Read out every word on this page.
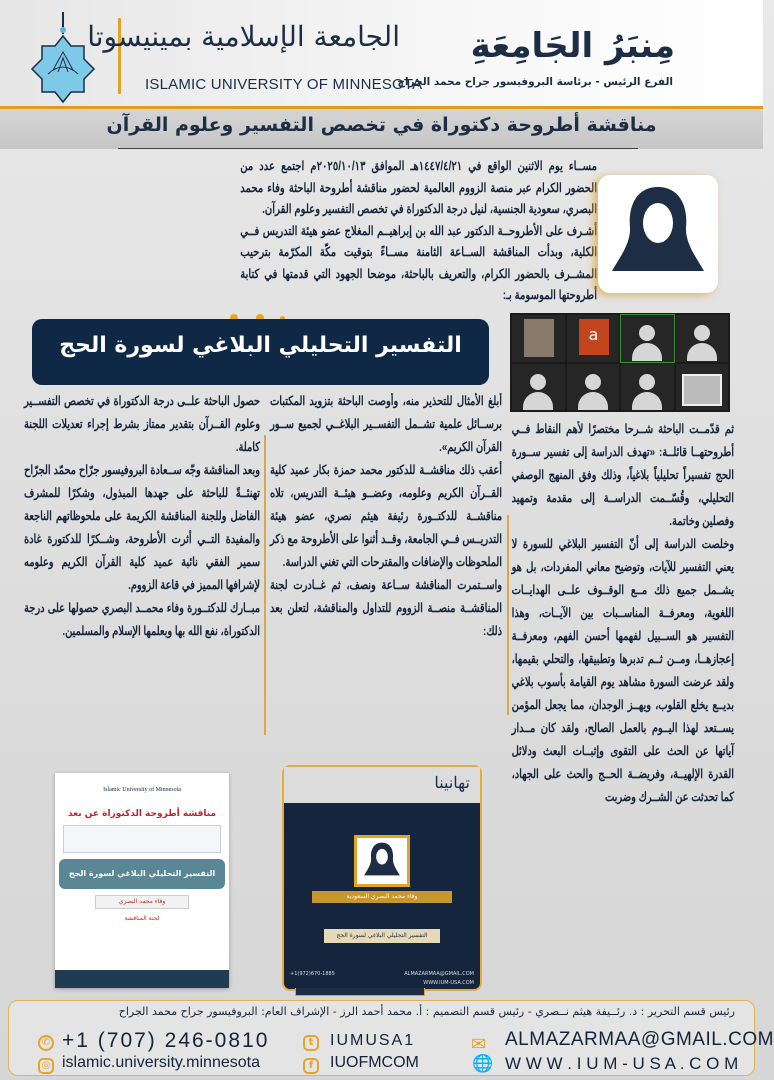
الجامعة الإسلامية بمينيسوتا
ISLAMIC UNIVERSITY OF MINNESOTA
مِنبَرُ الجَامِعَةِ
الفرع الرئيس - برئاسة البروفيسور جراح محمد الجراح
مناقشة أطروحة دكتوراة في تخصص التفسير وعلوم القرآن

مســاء يوم الاثنين الواقع في ١٤٤٧/٤/٢١هـ الموافق ٢٠٢٥/١٠/١٣م اجتمع عدد من الحضور الكرام عبر منصة الزووم العالمية لحضور مناقشة أطروحة الباحثة وفاء محمد البصري، سعودية الجنسية، لنيل درجة الدكتوراة في تخصص التفسير وعلوم القرآن.

أشـرف على الأطروحــة الدكتور عبد الله بن إبراهيــم المغلاج عضو هيئة التدريس فــي الكلية، وبدأت المناقشة الســاعة الثامنة مســاءً بتوقيت مكّة المكرّمة بترحيب المشــرف بالحضور الكرام، والتعريف بالباحثة، موضحا الجهود التي قدمتها في كتابة أطروحتها الموسومة بـ:

التفسير التحليلي البلاغي لسورة الحج	a

ثم قدّمــت الباحثة شــرحا مختصرًا لأهم النقاط فــي أطروحتهــا قائلــة: «تهدف الدراسة إلى تفسير ســورة الحج تفسيراً تحليلياً بلاغياً، وذلك وفق المنهج الوصفي التحليلي، وقُسّــمت الدراســة إلى مقدمة وتمهيد وفصلين وخاتمة.

وخلصت الدراسة إلى أنّ التفسير البلاغي للسورة لا يعني التفسير للآيات، وتوضيح معاني المفردات، بل هو يشــمل جميع ذلك مــع الوقــوف علــى الهدايــات اللغوية، ومعرفــة المناســبات بين الآيــات، وهذا التفسير هو الســبيل لفهمها أحسن الفهم، ومعرفــة إعجازهــا، ومــن ثــم تدبرها وتطبيقها، والتحلي بقيمها، ولقد عرضت السورة مشاهد يوم القيامة بأسوب بلاغي بديــع يخلع القلوب، ويهــز الوجدان، مما يجعل المؤمن يســتعد لهذا اليــوم بالعمل الصالح، ولقد كان مــدار آياتها عن الحث على التقوى وإثبــات البعث ودلائل القدرة الإلهيــة، وفريضــة الحــج والحث على الجهاد، كما تحدثت عن الشــرك وضربت

أبلغ الأمثال للتحذير منه، وأوصت الباحثة بتزويد المكتبات برســائل علمية تشــمل التفســير البلاغــي لجميع ســور القرآن الكريم».

أعقب ذلك مناقشــة للدكتور محمد حمزة بكار عميد كلية القــرآن الكريم وعلومه، وعضــو هيئــة التدريس، تلاه مناقشــة للدكتــورة رئيفة هيثم نصري، عضو هيئة التدريــس فــي الجامعة، وقــد أثنوا على الأطروحة مع ذكر الملحوظات والإضافات والمقترحات التي تغني الدراسة.

واســتمرت المناقشة ســاعة ونصف، ثم غــادرت لجنة المناقشــة منصــة الزووم للتداول والمناقشة، لتعلن بعد ذلك:

حصول الباحثة علــى درجة الدكتوراة في تخصص التفســير وعلوم القــرآن بتقدير ممتاز بشرط إجراء تعديلات اللجنة كاملة.

وبعد المناقشة وجّه ســعادة البروفيسور جرّاح محمّد الجرّاح تهنئــةً للباحثة على جهدها المبذول، وشكرًا للمشرف الفاضل وللجنة المناقشة الكريمة على ملحوظاتهم الناجعة والمفيدة التــي أثرت الأطروحة، وشــكرًا للدكتورة غادة سمير الفقي نائبة عميد كلية القرآن الكريم وعلومه لإشرافها المميز في قاعة الزووم.

مبــارك للدكتــورة وفاء محمــد البصري حصولها على درجة الدكتوراة، نفع الله بها وبعلمها الإسلام والمسلمين.

Islamic University of Minnesota
مناقشة أطروحة الدكتوراة عن بعد
التفسير التحليلي البلاغي لسورة الحج
وفاء محمد البصري
لجنة المناقشة
تهانينا
وفاء محمد البصري السعودية
التفسير التحليلي البلاغي لسورة الحج
+1(972)670-1885	ALMAZARMAA@GMAIL.COM
WWW.IUM-USA.COM
رئيس قسم التحرير : د. رئــيفة هيثم نــصري - رئيس قسم التصميم : أ. محمد أحمد الرز - الإشراف العام: البروفيسور جراح محمد الجراح
✆ +1 (707) 246-0810
◎ islamic.university.minnesota
t	IUMUSA1
f	IUOFMCOM
✉ ALMAZARMAA@GMAIL.COM
🌐 W W W . I U M - U S A . C O M
